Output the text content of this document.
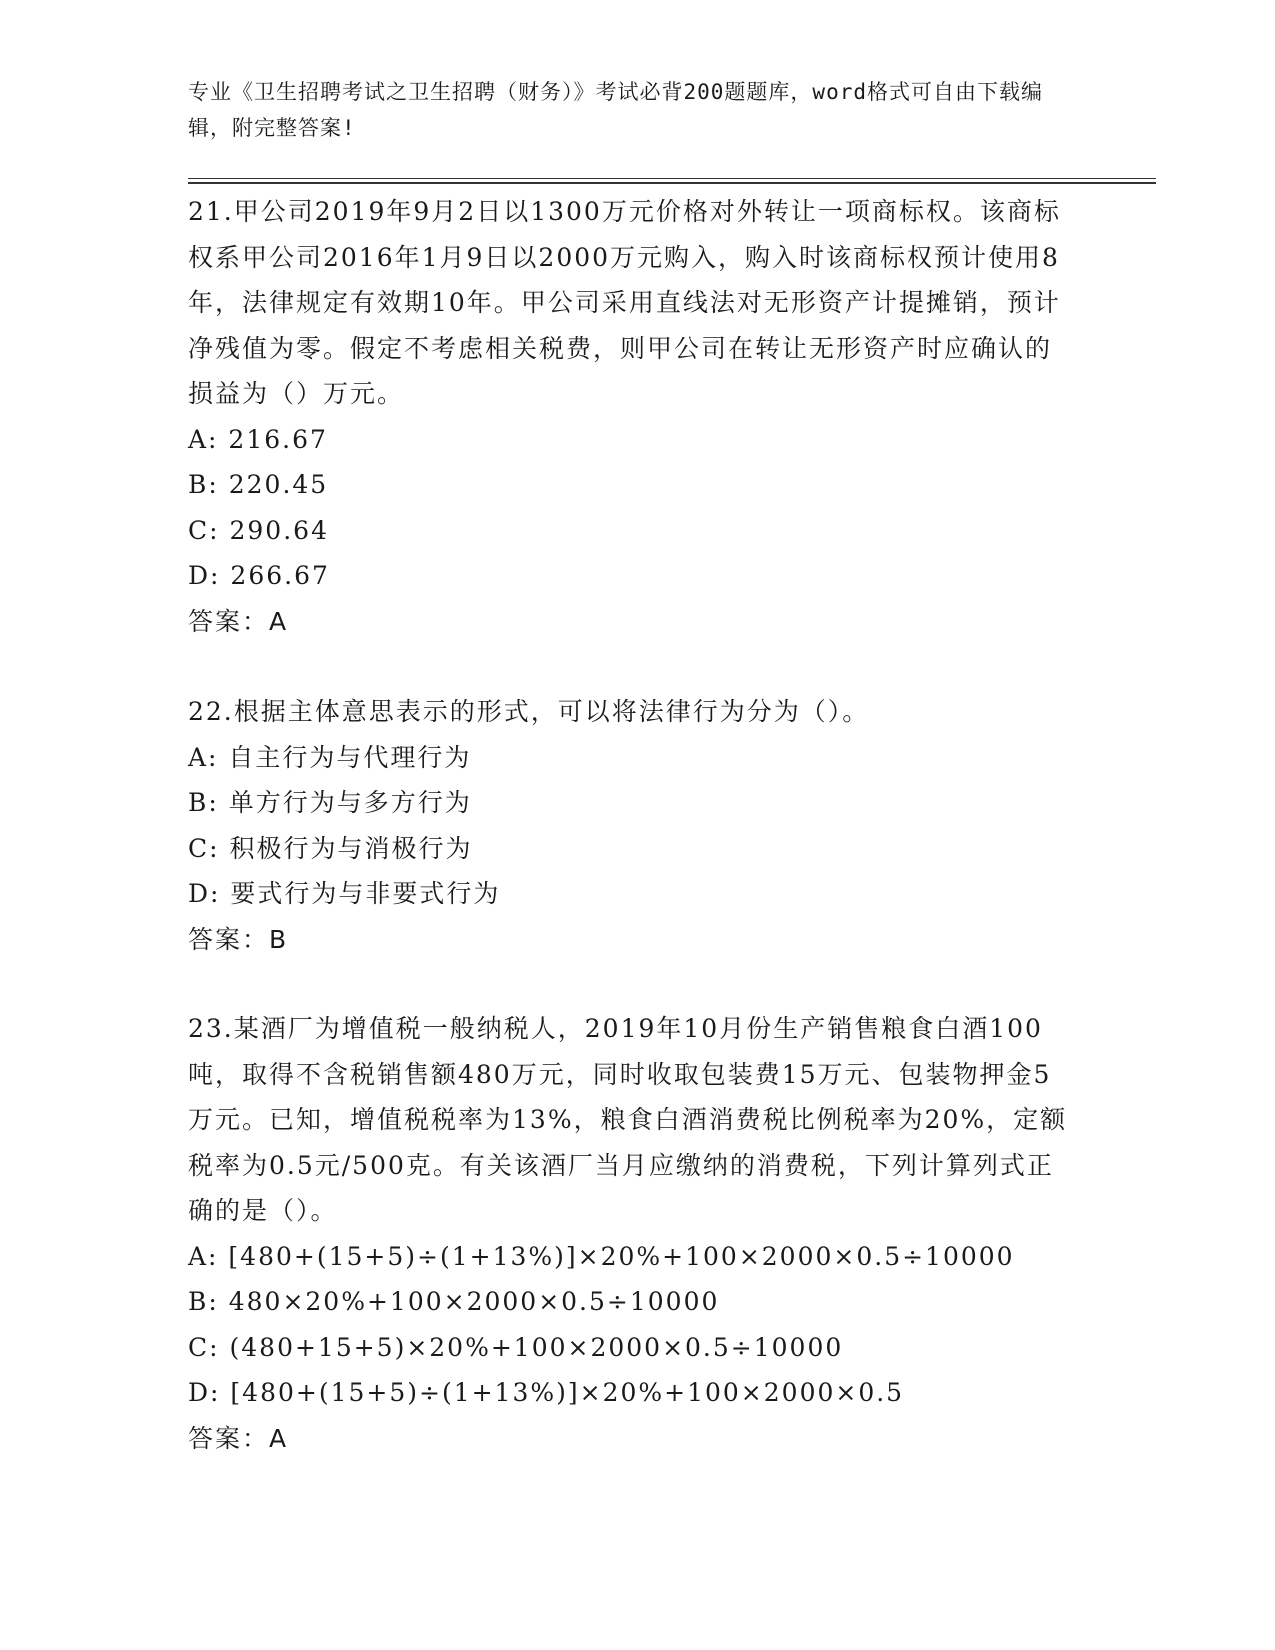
专业《卫生招聘考试之卫生招聘（财务）》考试必背200题题库，word格式可自由下载编辑，附完整答案!

21.甲公司2019年9月2日以1300万元价格对外转让一项商标权。该商标权系甲公司2016年1月9日以2000万元购入，购入时该商标权预计使用8年，法律规定有效期10年。甲公司采用直线法对无形资产计提摊销，预计净残值为零。假定不考虑相关税费，则甲公司在转让无形资产时应确认的损益为（）万元。

A: 216.67

B: 220.45

C: 290.64

D: 266.67

答案：A

22.根据主体意思表示的形式，可以将法律行为分为（）。

A: 自主行为与代理行为

B: 单方行为与多方行为

C: 积极行为与消极行为

D: 要式行为与非要式行为

答案：B

23.某酒厂为增值税一般纳税人，2019年10月份生产销售粮食白酒100吨，取得不含税销售额480万元，同时收取包装费15万元、包装物押金5万元。已知，增值税税率为13%，粮食白酒消费税比例税率为20%，定额税率为0.5元/500克。有关该酒厂当月应缴纳的消费税，下列计算列式正确的是（）。

A: [480+(15+5)÷(1+13%)]×20%+100×2000×0.5÷10000

B: 480×20%+100×2000×0.5÷10000

C: (480+15+5)×20%+100×2000×0.5÷10000

D: [480+(15+5)÷(1+13%)]×20%+100×2000×0.5

答案：A
